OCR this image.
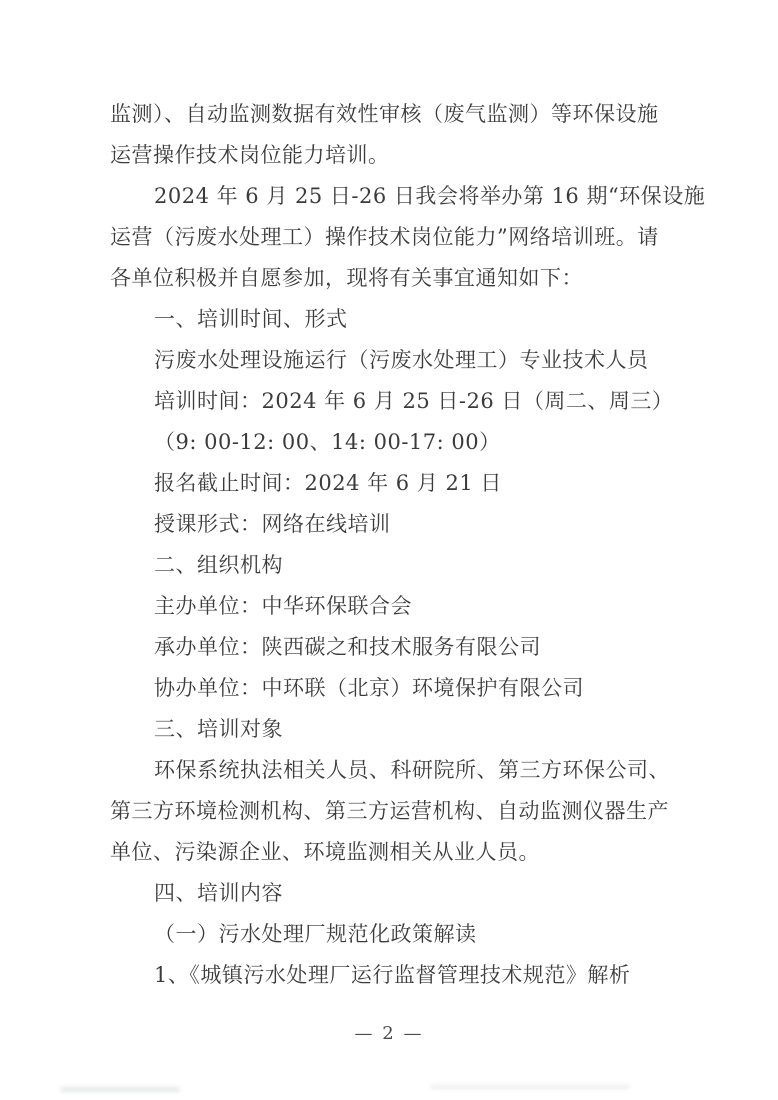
监测）、自动监测数据有效性审核（废气监测）等环保设施
运营操作技术岗位能力培训。
2024 年 6 月 25 日-26 日我会将举办第 16 期“环保设施
运营（污废水处理工）操作技术岗位能力”网络培训班。请
各单位积极并自愿参加，现将有关事宜通知如下：
一、培训时间、形式
污废水处理设施运行（污废水处理工）专业技术人员
培训时间：2024 年 6 月 25 日-26 日（周二、周三）
（9: 00-12: 00、14: 00-17: 00）
报名截止时间：2024 年 6 月 21 日
授课形式：网络在线培训
二、组织机构
主办单位：中华环保联合会
承办单位：陕西碳之和技术服务有限公司
协办单位：中环联（北京）环境保护有限公司
三、培训对象
环保系统执法相关人员、科研院所、第三方环保公司、
第三方环境检测机构、第三方运营机构、自动监测仪器生产
单位、污染源企业、环境监测相关从业人员。
四、培训内容
（一）污水处理厂规范化政策解读
1、《城镇污水处理厂运行监督管理技术规范》解析
— 2 —
